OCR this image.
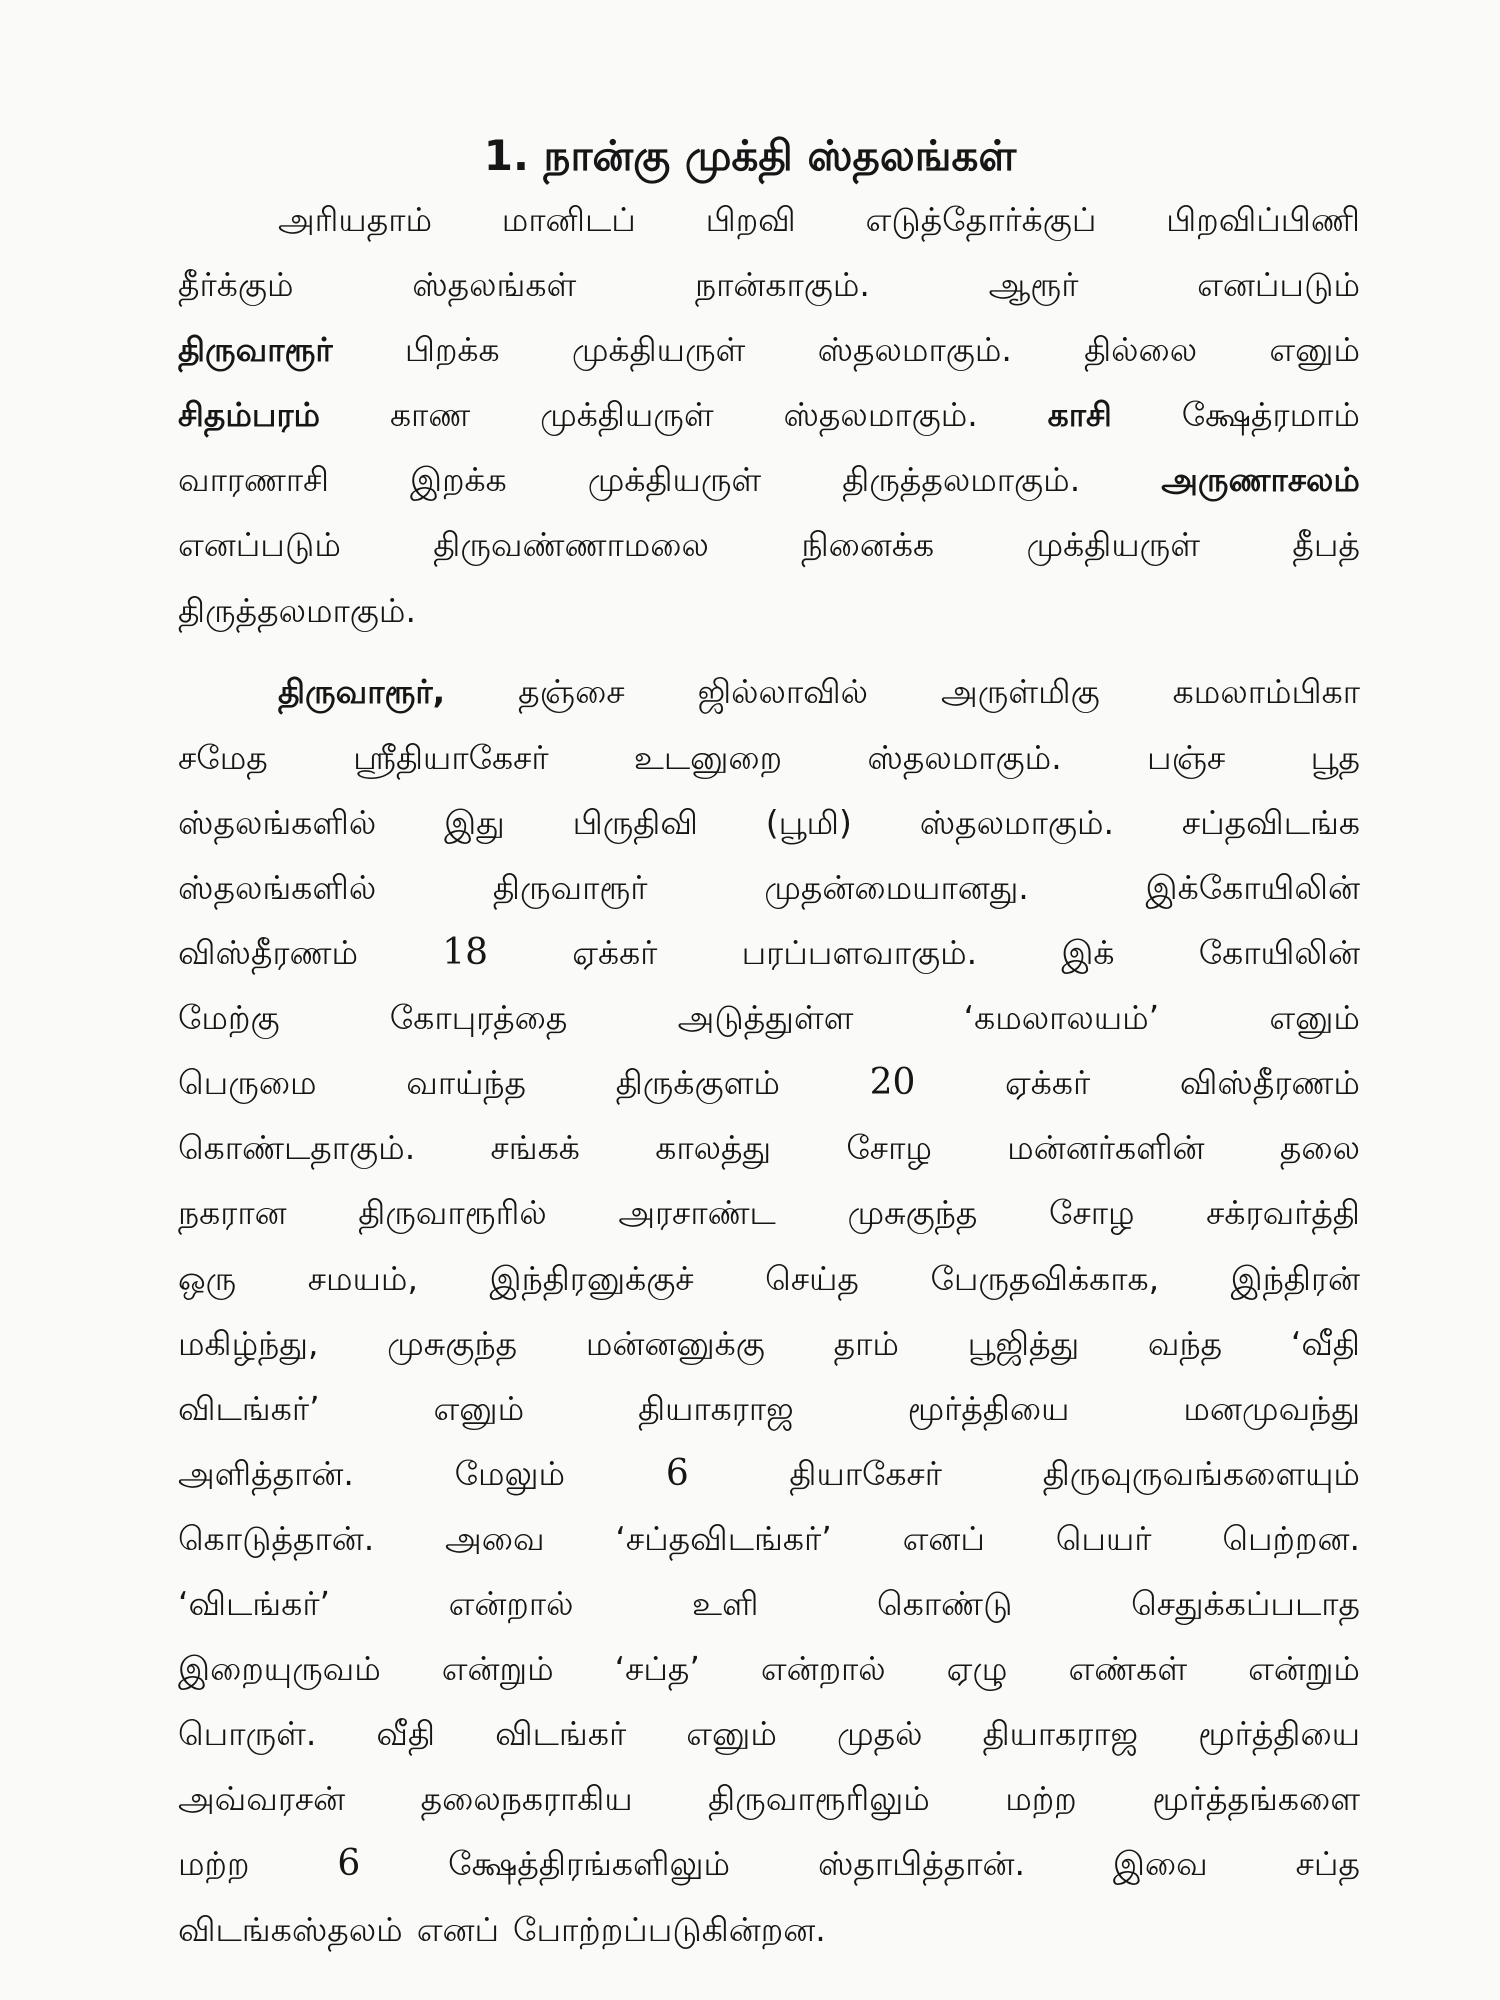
1. நான்கு முக்தி ஸ்தலங்கள்
அரியதாம் மானிடப் பிறவி எடுத்தோர்க்குப் பிறவிப்பிணி
தீர்க்கும்	ஸ்தலங்கள்	நான்காகும்.	ஆரூர்	எனப்படும்
திருவாரூர் பிறக்க முக்தியருள் ஸ்தலமாகும். தில்லை எனும்
சிதம்பரம் காண முக்தியருள் ஸ்தலமாகும். காசி க்ஷேத்ரமாம்
வாரணாசி இறக்க முக்தியருள் திருத்தலமாகும். அருணாசலம்
எனப்படும்	திருவண்ணாமலை	நினைக்க	முக்தியருள்	தீபத்
திருத்தலமாகும்.
திருவாரூர், தஞ்சை ஜில்லாவில் அருள்மிகு கமலாம்பிகா
சமேத	ஸ்ரீதியாகேசர்	உடனுறை	ஸ்தலமாகும்.	பஞ்ச	பூத
ஸ்தலங்களில் இது பிருதிவி (பூமி) ஸ்தலமாகும். சப்தவிடங்க
ஸ்தலங்களில்	திருவாரூர்	முதன்மையானது.	இக்கோயிலின்
விஸ்தீரணம் 18	ஏக்கர்	பரப்பளவாகும்.	இக்	கோயிலின்
மேற்கு	கோபுரத்தை	அடுத்துள்ள	‘கமலாலயம்’	எனும்
பெருமை	வாய்ந்த	திருக்குளம் 20	ஏக்கர்	விஸ்தீரணம்
கொண்டதாகும். சங்கக் காலத்து சோழ மன்னர்களின் தலை
நகரான திருவாரூரில் அரசாண்ட முசுகுந்த சோழ சக்ரவர்த்தி
ஒரு சமயம், இந்திரனுக்குச் செய்த பேருதவிக்காக, இந்திரன்
மகிழ்ந்து, முசுகுந்த மன்னனுக்கு தாம் பூஜித்து வந்த ‘வீதி
விடங்கர்’	எனும்	தியாகராஜ	மூர்த்தியை	மனமுவந்து
அளித்தான்.	மேலும்	6	தியாகேசர்	திருவுருவங்களையும்
கொடுத்தான். அவை ‘சப்தவிடங்கர்’ எனப் பெயர் பெற்றன.
‘விடங்கர்’	என்றால்	உளி	கொண்டு	செதுக்கப்படாத
இறையுருவம் என்றும் ‘சப்த’ என்றால் ஏழு எண்கள் என்றும்
பொருள். வீதி விடங்கர் எனும் முதல் தியாகராஜ மூர்த்தியை
அவ்வரசன் தலைநகராகிய திருவாரூரிலும் மற்ற மூர்த்தங்களை
மற்ற 6	க்ஷேத்திரங்களிலும்	ஸ்தாபித்தான்.	இவை	சப்த
விடங்கஸ்தலம் எனப் போற்றப்படுகின்றன.
